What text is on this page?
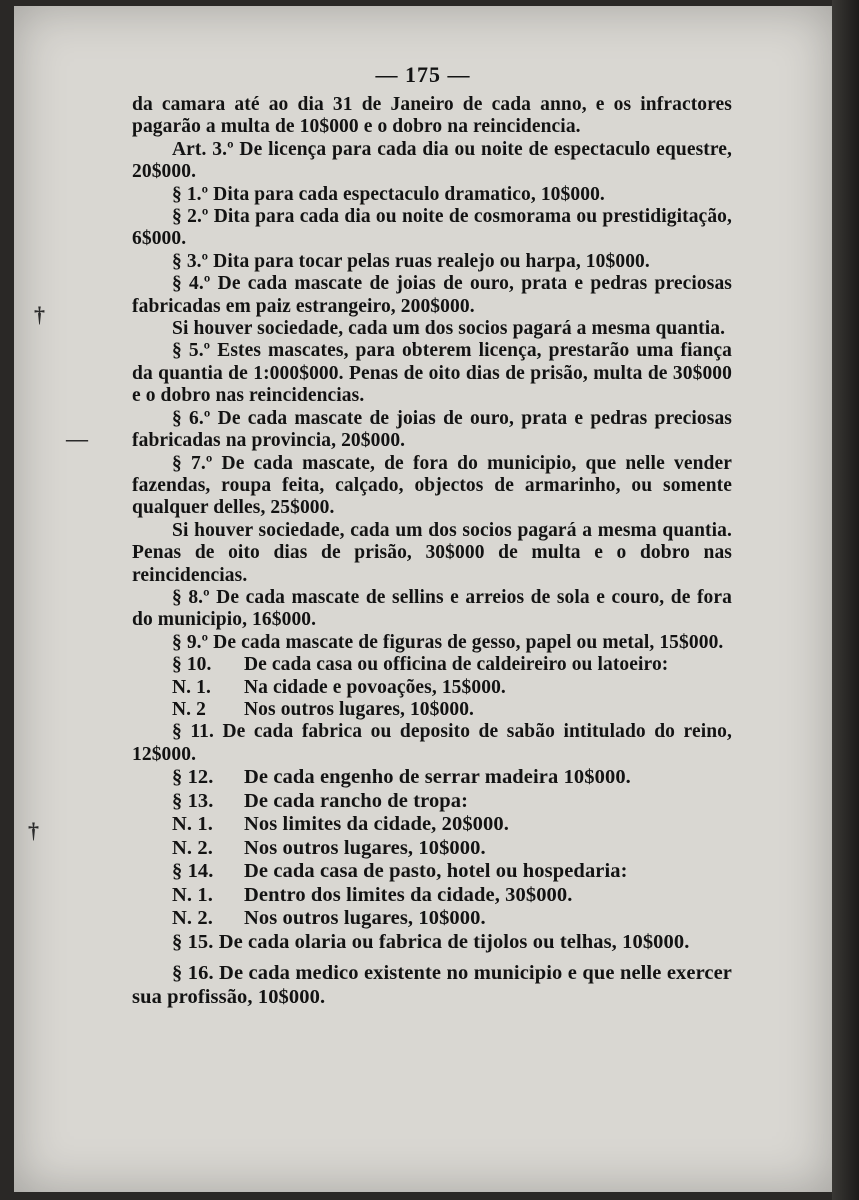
— 175 —
†
—
†

da camara até ao dia 31 de Janeiro de cada anno, e os infractores pagarão a multa de 10$000 e o dobro na reincidencia.

Art. 3.º De licença para cada dia ou noite de espectaculo equestre, 20$000.

§ 1.º Dita para cada espectaculo dramatico, 10$000.

§ 2.º Dita para cada dia ou noite de cosmorama ou prestidigitação, 6$000.

§ 3.º Dita para tocar pelas ruas realejo ou harpa, 10$000.

§ 4.º De cada mascate de joias de ouro, prata e pedras preciosas fabricadas em paiz estrangeiro, 200$000.

Si houver sociedade, cada um dos socios pagará a mesma quantia.

§ 5.º Estes mascates, para obterem licença, prestarão uma fiança da quantia de 1:000$000. Penas de oito dias de prisão, multa de 30$000 e o dobro nas reincidencias.

§ 6.º De cada mascate de joias de ouro, prata e pedras preciosas fabricadas na provincia, 20$000.

§ 7.º De cada mascate, de fora do municipio, que nelle vender fazendas, roupa feita, calçado, objectos de armarinho, ou somente qualquer delles, 25$000.

Si houver sociedade, cada um dos socios pagará a mesma quantia. Penas de oito dias de prisão, 30$000 de multa e o dobro nas reincidencias.

§ 8.º De cada mascate de sellins e arreios de sola e couro, de fora do municipio, 16$000.

§ 9.º De cada mascate de figuras de gesso, papel ou metal, 15$000.

§ 10.	De cada casa ou officina de caldeireiro ou latoeiro:
N. 1.	Na cidade e povoações, 15$000.
N. 2	Nos outros lugares, 10$000.

§ 11. De cada fabrica ou deposito de sabão intitulado do reino, 12$000.

§ 12.	De cada engenho de serrar madeira 10$000.
§ 13.	De cada rancho de tropa:
N. 1.	Nos limites da cidade, 20$000.
N. 2.	Nos outros lugares, 10$000.
§ 14.	De cada casa de pasto, hotel ou hospedaria:
N. 1.	Dentro dos limites da cidade, 30$000.
N. 2.	Nos outros lugares, 10$000.

§ 15. De cada olaria ou fabrica de tijolos ou telhas, 10$000.

§ 16. De cada medico existente no municipio e que nelle exercer sua profissão, 10$000.
